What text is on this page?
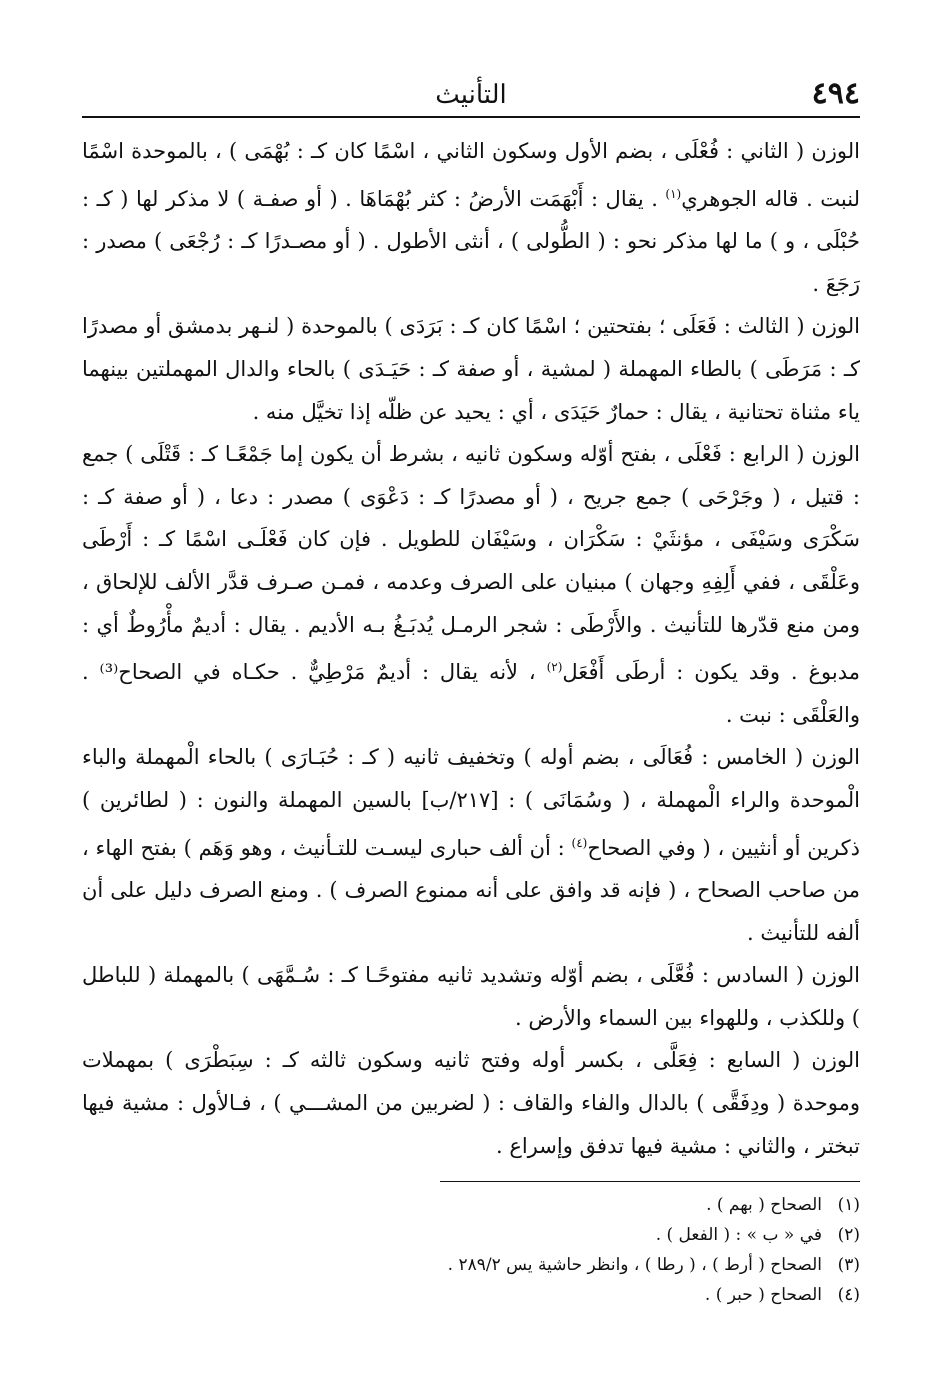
٤٩٤
التأنيث

الوزن ( الثاني : فُعْلَى ، بضم الأول وسكون الثاني ، اسْمًا كان كـ : بُهْمَى ) ، بالموحدة اسْمًا لنبت . قاله الجوهري$^{(١)}$ . يقال : أَبْهَمَت الأرضُ : كثر بُهْمَاهَا . ( أو صفـة ) لا مذكر لها ( كـ : حُبْلَى ، و ) ما لها مذكر نحو : ( الطُّولى ) ، أنثى الأطول . ( أو مصـدرًا كـ : رُجْعَى ) مصدر : رَجَعَ .

الوزن ( الثالث : فَعَلَى ؛ بفتحتين ؛ اسْمًا كان كـ : بَرَدَى ) بالموحدة ( لنـهر بدمشق أو مصدرًا كـ : مَرَطَى ) بالطاء المهملة ( لمشية ، أو صفة كـ : حَيَـدَى ) بالحاء والدال المهملتين بينهما ياء مثناة تحتانية ، يقال : حمارٌ حَيَدَى ، أي : يحيد عن ظلّه إذا تخيَّل منه .

الوزن ( الرابع : فَعْلَى ، بفتح أوّله وسكون ثانيه ، بشرط أن يكون إما جَمْعًـا كـ : قَتْلَى ) جمع : قتيل ، ( وجَرْحَى ) جمع جريح ، ( أو مصدرًا كـ : دَعْوَى ) مصدر : دعا ، ( أو صفة كـ : سَكْرَى وسَيْفَى ، مؤنثَيْ : سَكْرَان ، وسَيْفَان للطويل . فإن كان فَعْلَـى اسْمًا كـ : أَرْطَى وعَلْقَى ، ففي أَلِفِهِ وجهان ) مبنيان على الصرف وعدمه ، فمـن صـرف قدَّر الألف للإلحاق ، ومن منع قدّرها للتأنيث . والأَرْطَى : شجر الرمـل يُدبَـغُ بـه الأديم . يقال : أديمٌ مأْرُوطٌ أي : مدبوغ . وقد يكون : أرطَى أَفْعَل$^{(٢)}$ ، لأنه يقال : أديمٌ مَرْطِيٌّ . حكـاه في الصحاح⁽³⁾ . والعَلْقَى : نبت .

الوزن ( الخامس : فُعَالَى ، بضم أوله ) وتخفيف ثانيه ( كـ : حُبَـارَى ) بالحاء الْمهملة والباء الْموحدة والراء الْمهملة ، ( وسُمَانَى ) : [٢١٧/ب] بالسين المهملة والنون : ( لطائرين ) ذكرين أو أنثيين ، ( وفي الصحاح$^{(٤)}$ : أن ألف حبارى ليسـت للتـأنيث ، وهو وَهَم ) بفتح الهاء ، من صاحب الصحاح ، ( فإنه قد وافق على أنه ممنوع الصرف ) . ومنع الصرف دليل على أن ألفه للتأنيث .

الوزن ( السادس : فُعَّلَى ، بضم أوّله وتشديد ثانيه مفتوحًـا كـ : سُـمَّهَى ) بالمهملة ( للباطل ) وللكذب ، وللهواء بين السماء والأرض .

الوزن ( السابع : فِعَلَّى ، بكسر أوله وفتح ثانيه وسكون ثالثه كـ : سِبَطْرَى ) بمهملات وموحدة ( ودِفَقَّى ) بالدال والفاء والقاف : ( لضربين من المشـــي ) ، فـالأول : مشية فيها تبختر ، والثاني : مشية فيها تدفق وإسراع .

(١)
الصحاح ( بهم ) .
(٢)
في « ب » : ( الفعل ) .
(٣)
الصحاح ( أرط ) ، ( رطا ) ، وانظر حاشية يس ٢٨٩/٢ .
(٤)
الصحاح ( حبر ) .
